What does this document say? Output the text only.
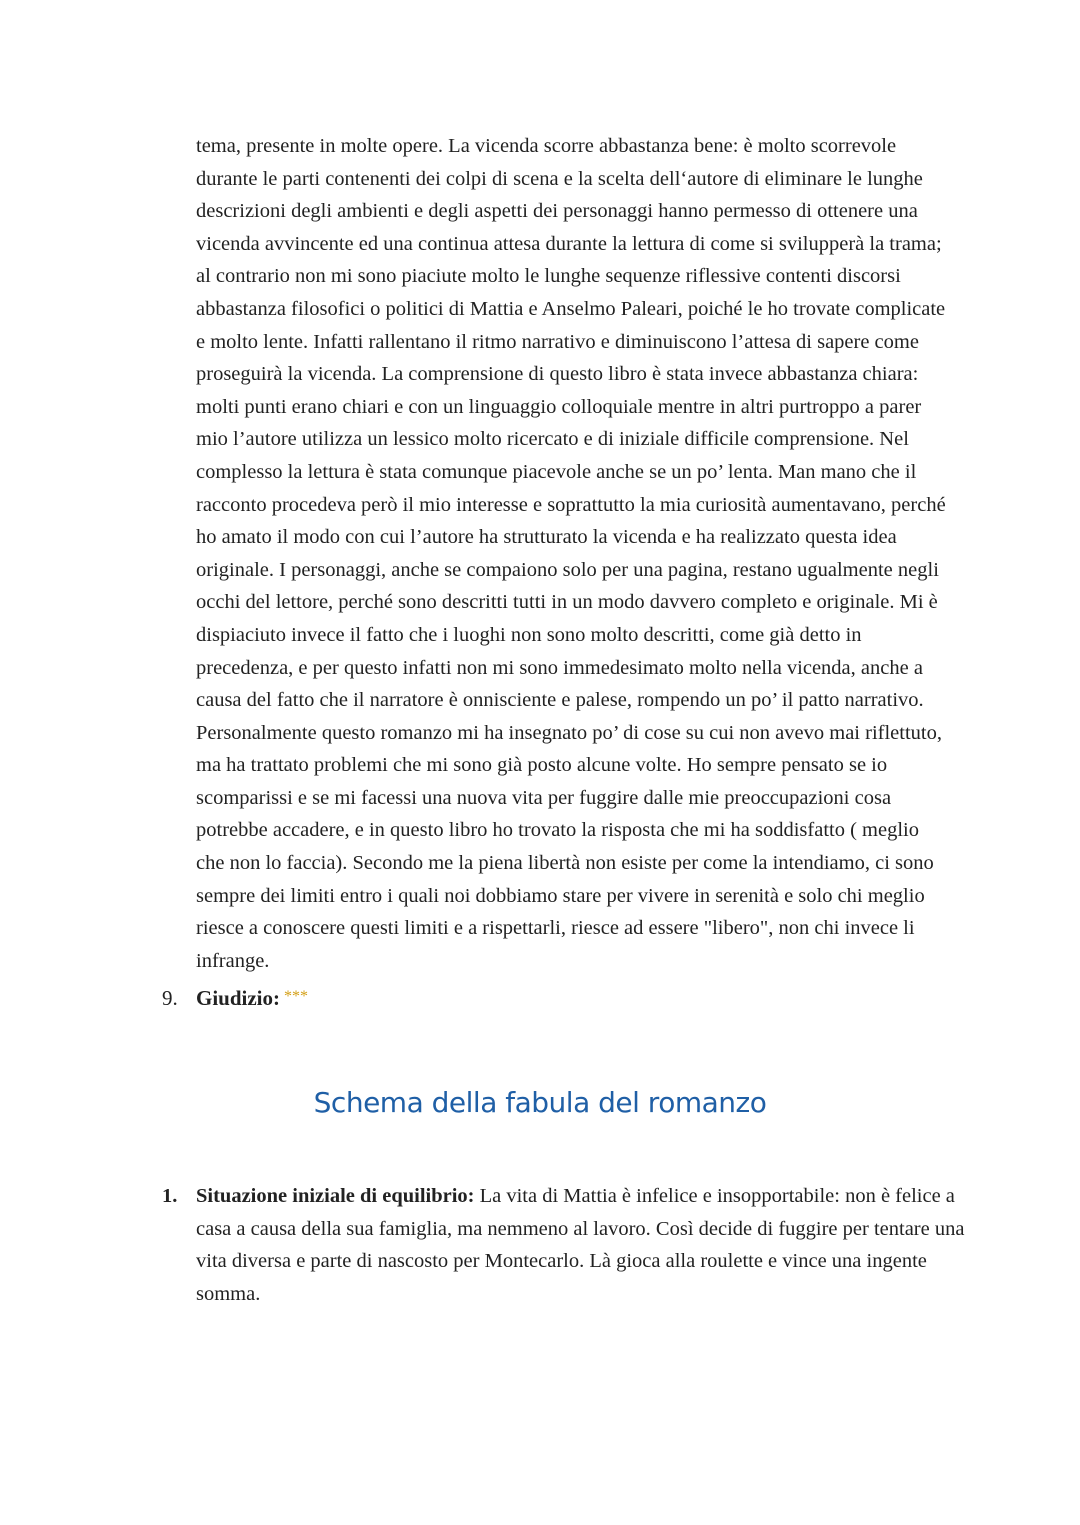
tema, presente in molte opere. La vicenda scorre abbastanza bene: è molto scorrevole
durante le parti contenenti dei colpi di scena e la scelta dell‘autore di eliminare le lunghe
descrizioni degli ambienti e degli aspetti dei personaggi hanno permesso di ottenere una
vicenda avvincente ed una continua attesa durante la lettura di come si svilupperà la trama;
al contrario non mi sono piaciute molto le lunghe sequenze riflessive contenti discorsi
abbastanza filosofici o politici di Mattia e Anselmo Paleari, poiché le ho trovate complicate
e molto lente. Infatti rallentano il ritmo narrativo e diminuiscono l’attesa di sapere come
proseguirà la vicenda. La comprensione di questo libro è stata invece abbastanza chiara:
molti punti erano chiari e con un linguaggio colloquiale mentre in altri purtroppo a parer
mio l’autore utilizza un lessico molto ricercato e di iniziale difficile comprensione. Nel
complesso la lettura è stata comunque piacevole anche se un po’ lenta. Man mano che il
racconto procedeva però il mio interesse e soprattutto la mia curiosità aumentavano, perché
ho amato il modo con cui l’autore ha strutturato la vicenda e ha realizzato questa idea
originale. I personaggi, anche se compaiono solo per una pagina, restano ugualmente negli
occhi del lettore, perché sono descritti tutti in un modo davvero completo e originale. Mi è
dispiaciuto invece il fatto che i luoghi non sono molto descritti, come già detto in
precedenza, e per questo infatti non mi sono immedesimato molto nella vicenda, anche a
causa del fatto che il narratore è onnisciente e palese, rompendo un po’ il patto narrativo.
Personalmente questo romanzo mi ha insegnato po’ di cose su cui non avevo mai riflettuto,
ma ha trattato problemi che mi sono già posto alcune volte. Ho sempre pensato se io
scomparissi e se mi facessi una nuova vita per fuggire dalle mie preoccupazioni cosa
potrebbe accadere, e in questo libro ho trovato la risposta che mi ha soddisfatto ( meglio
che non lo faccia). Secondo me la piena libertà non esiste per come la intendiamo, ci sono
sempre dei limiti entro i quali noi dobbiamo stare per vivere in serenità e solo chi meglio
riesce a conoscere questi limiti e a rispettarli, riesce ad essere "libero", non chi invece li
infrange.
9. Giudizio: ***
Schema della fabula del romanzo
1. Situazione iniziale di equilibrio: La vita di Mattia è infelice e insopportabile: non è felice a casa a causa della sua famiglia, ma nemmeno al lavoro. Così decide di fuggire per tentare una vita diversa e parte di nascosto per Montecarlo. Là gioca alla roulette e vince una ingente somma.
